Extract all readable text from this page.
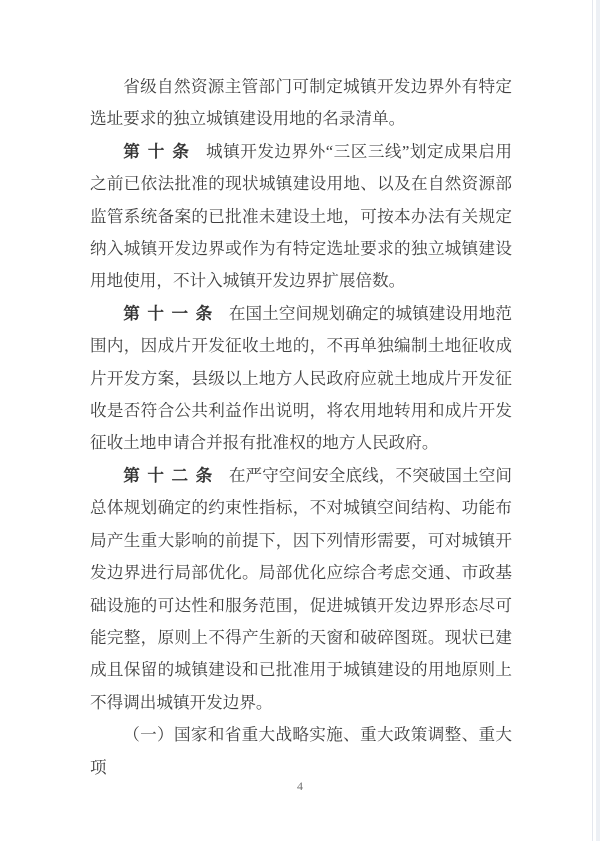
省级自然资源主管部门可制定城镇开发边界外有特定选址要求的独立城镇建设用地的名录清单。

第十条 城镇开发边界外“三区三线”划定成果启用之前已依法批准的现状城镇建设用地、以及在自然资源部监管系统备案的已批准未建设土地，可按本办法有关规定纳入城镇开发边界或作为有特定选址要求的独立城镇建设用地使用，不计入城镇开发边界扩展倍数。

第十一条 在国土空间规划确定的城镇建设用地范围内，因成片开发征收土地的，不再单独编制土地征收成片开发方案，县级以上地方人民政府应就土地成片开发征收是否符合公共利益作出说明，将农用地转用和成片开发征收土地申请合并报有批准权的地方人民政府。

第十二条 在严守空间安全底线，不突破国土空间总体规划确定的约束性指标，不对城镇空间结构、功能布局产生重大影响的前提下，因下列情形需要，可对城镇开发边界进行局部优化。局部优化应综合考虑交通、市政基础设施的可达性和服务范围，促进城镇开发边界形态尽可能完整，原则上不得产生新的天窗和破碎图斑。现状已建成且保留的城镇建设和已批准用于城镇建设的用地原则上不得调出城镇开发边界。

（一）国家和省重大战略实施、重大政策调整、重大项

4
